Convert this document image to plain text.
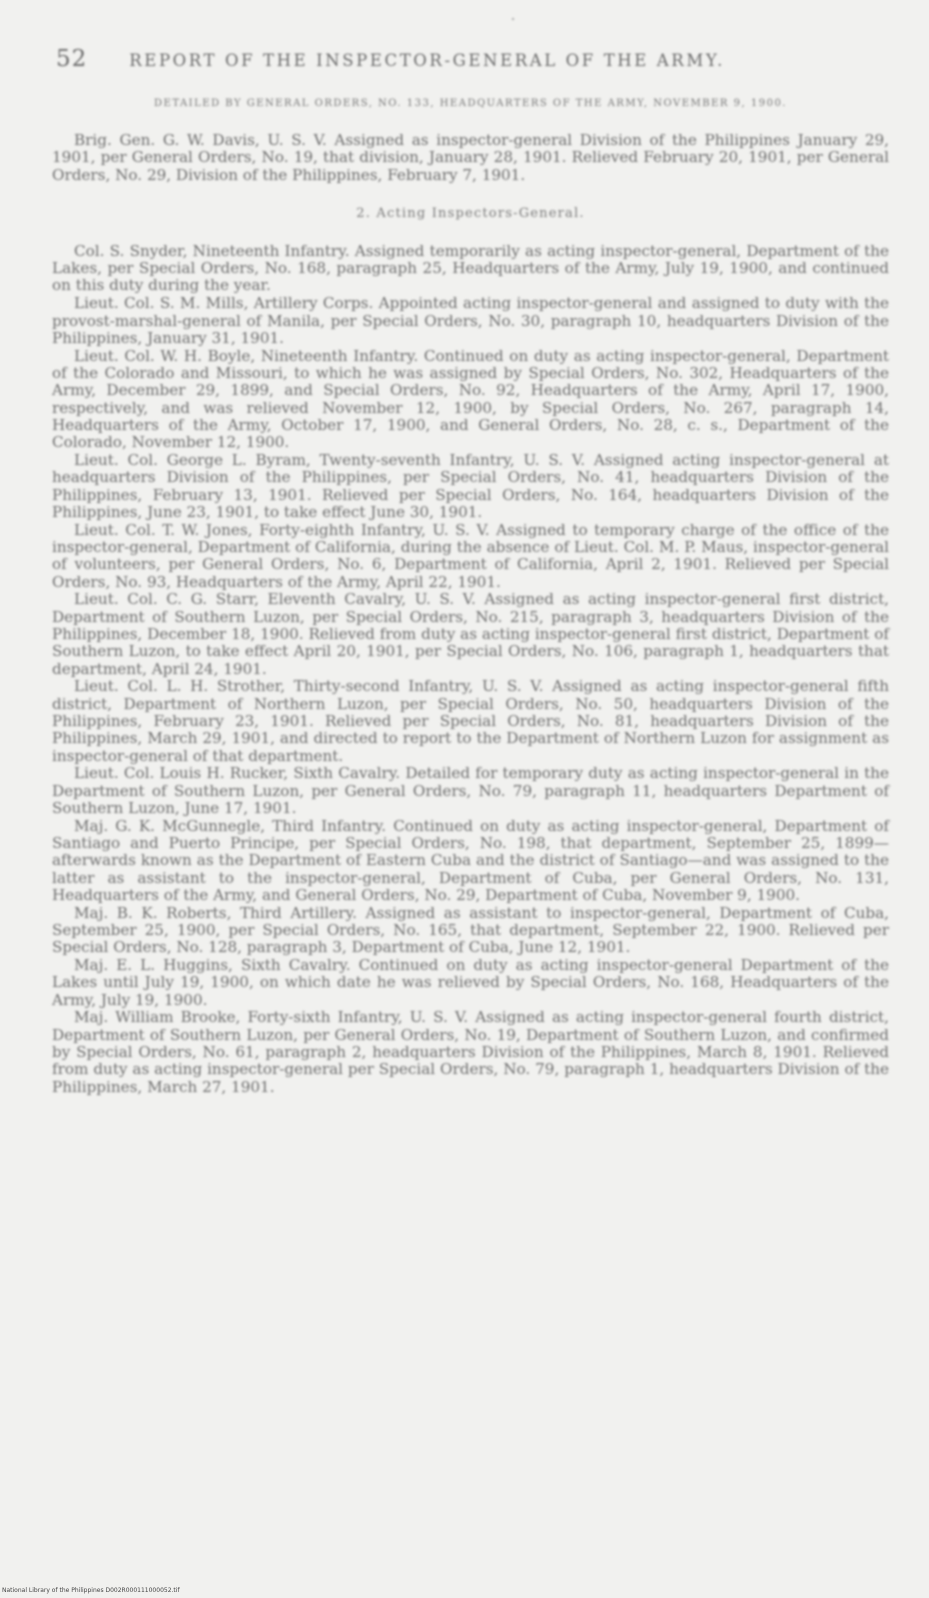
52	REPORT OF THE INSPECTOR-GENERAL OF THE ARMY.
DETAILED BY GENERAL ORDERS, NO. 133, HEADQUARTERS OF THE ARMY, NOVEMBER 9, 1900.

Brig. Gen. G. W. Davis, U. S. V. Assigned as inspector-general Division of the Philippines January 29, 1901, per General Orders, No. 19, that division, January 28, 1901. Relieved February 20, 1901, per General Orders, No. 29, Division of the Philippines, February 7, 1901.

2. Acting Inspectors-General.

Col. S. Snyder, Nineteenth Infantry. Assigned temporarily as acting inspector-general, Department of the Lakes, per Special Orders, No. 168, paragraph 25, Headquarters of the Army, July 19, 1900, and continued on this duty during the year.

Lieut. Col. S. M. Mills, Artillery Corps. Appointed acting inspector-general and assigned to duty with the provost-marshal-general of Manila, per Special Orders, No. 30, paragraph 10, headquarters Division of the Philippines, January 31, 1901.

Lieut. Col. W. H. Boyle, Nineteenth Infantry. Continued on duty as acting inspector-general, Department of the Colorado and Missouri, to which he was assigned by Special Orders, No. 302, Headquarters of the Army, December 29, 1899, and Special Orders, No. 92, Headquarters of the Army, April 17, 1900, respectively, and was relieved November 12, 1900, by Special Orders, No. 267, paragraph 14, Headquarters of the Army, October 17, 1900, and General Orders, No. 28, c. s., Department of the Colorado, November 12, 1900.

Lieut. Col. George L. Byram, Twenty-seventh Infantry, U. S. V. Assigned acting inspector-general at headquarters Division of the Philippines, per Special Orders, No. 41, headquarters Division of the Philippines, February 13, 1901. Relieved per Special Orders, No. 164, headquarters Division of the Philippines, June 23, 1901, to take effect June 30, 1901.

Lieut. Col. T. W. Jones, Forty-eighth Infantry, U. S. V. Assigned to temporary charge of the office of the inspector-general, Department of California, during the absence of Lieut. Col. M. P. Maus, inspector-general of volunteers, per General Orders, No. 6, Department of California, April 2, 1901. Relieved per Special Orders, No. 93, Headquarters of the Army, April 22, 1901.

Lieut. Col. C. G. Starr, Eleventh Cavalry, U. S. V. Assigned as acting inspector-general first district, Department of Southern Luzon, per Special Orders, No. 215, paragraph 3, headquarters Division of the Philippines, December 18, 1900. Relieved from duty as acting inspector-general first district, Department of Southern Luzon, to take effect April 20, 1901, per Special Orders, No. 106, paragraph 1, headquarters that department, April 24, 1901.

Lieut. Col. L. H. Strother, Thirty-second Infantry, U. S. V. Assigned as acting inspector-general fifth district, Department of Northern Luzon, per Special Orders, No. 50, headquarters Division of the Philippines, February 23, 1901. Relieved per Special Orders, No. 81, headquarters Division of the Philippines, March 29, 1901, and directed to report to the Department of Northern Luzon for assignment as inspector-general of that department.

Lieut. Col. Louis H. Rucker, Sixth Cavalry. Detailed for temporary duty as acting inspector-general in the Department of Southern Luzon, per General Orders, No. 79, paragraph 11, headquarters Department of Southern Luzon, June 17, 1901.

Maj. G. K. McGunnegle, Third Infantry. Continued on duty as acting inspector-general, Department of Santiago and Puerto Principe, per Special Orders, No. 198, that department, September 25, 1899—afterwards known as the Department of Eastern Cuba and the district of Santiago—and was assigned to the latter as assistant to the inspector-general, Department of Cuba, per General Orders, No. 131, Headquarters of the Army, and General Orders, No. 29, Department of Cuba, November 9, 1900.

Maj. B. K. Roberts, Third Artillery. Assigned as assistant to inspector-general, Department of Cuba, September 25, 1900, per Special Orders, No. 165, that department, September 22, 1900. Relieved per Special Orders, No. 128, paragraph 3, Department of Cuba, June 12, 1901.

Maj. E. L. Huggins, Sixth Cavalry. Continued on duty as acting inspector-general Department of the Lakes until July 19, 1900, on which date he was relieved by Special Orders, No. 168, Headquarters of the Army, July 19, 1900.

Maj. William Brooke, Forty-sixth Infantry, U. S. V. Assigned as acting inspector-general fourth district, Department of Southern Luzon, per General Orders, No. 19, Department of Southern Luzon, and confirmed by Special Orders, No. 61, paragraph 2, headquarters Division of the Philippines, March 8, 1901. Relieved from duty as acting inspector-general per Special Orders, No. 79, paragraph 1, headquarters Division of the Philippines, March 27, 1901.

National Library of the Philippines D002R000111000052.tif
